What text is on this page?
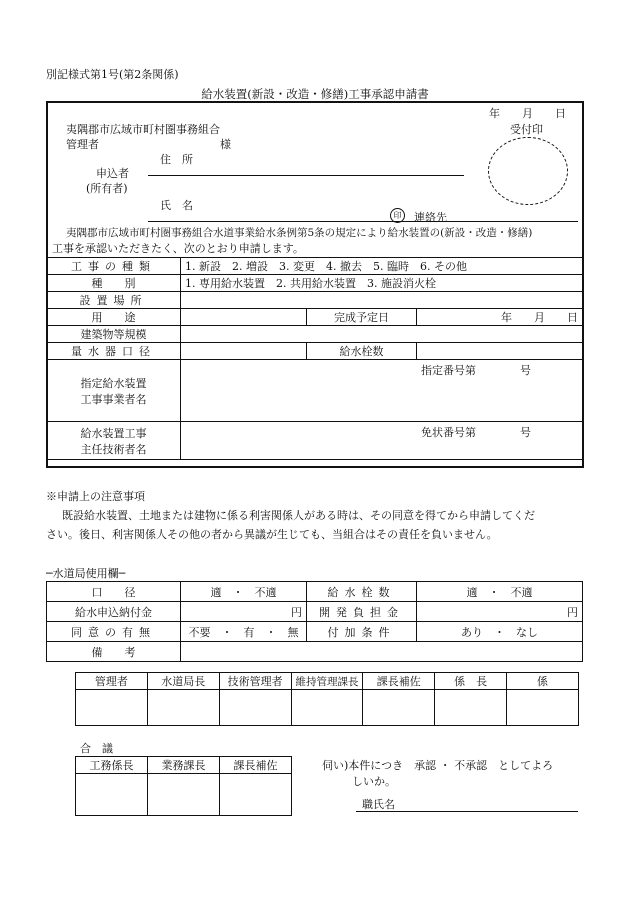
別記様式第1号(第2条関係)
給水装置(新設・改造・修繕)工事承認申請書
年　　月　　日
夷隅郡市広域市町村圏事務組合
管理者	様
受付印
住　所
申込者
(所有者)
氏　名
印	連絡先
夷隅郡市広域市町村圏事務組合水道事業給水条例第5条の規定により給水装置の(新設・改造・修繕)
工事を承認いただきたく、次のとおり申請します。
工事の種類	1. 新設　2. 増設　3. 変更　4. 撤去　5. 臨時　6. その他		
種　　別	1. 専用給水装置　2. 共用給水装置　3. 施設消火栓		
設置場所			
用　　途		完成予定日	年　　月　　日
建築物等規模			
量水器口径		給水栓数	

指定給水装置
工事事業者名	指定番号第　　　　号		

給水装置工事
主任技術者名	免状番号第　　　　号		
※申請上の注意事項
既設給水装置、土地または建物に係る利害関係人がある時は、その同意を得てから申請してくだ
さい。後日、利害関係人その他の者から異議が生じても、当組合はその責任を負いません。
─水道局使用欄─
口　　径	適　・　不適	給水栓数	適　・　不適
給水申込納付金	円	開発負担金	円
同意の有無	不要　・　有　・　無	付加条件	あり　・　なし
備　　考			
管理者	水道局長	技術管理者	維持管理課長	課長補佐	係　長	係

合　議
工務係長	業務課長	課長補佐
			伺い)本件につき　承認 ・ 不承認　としてよろ
しいか。
職氏名
